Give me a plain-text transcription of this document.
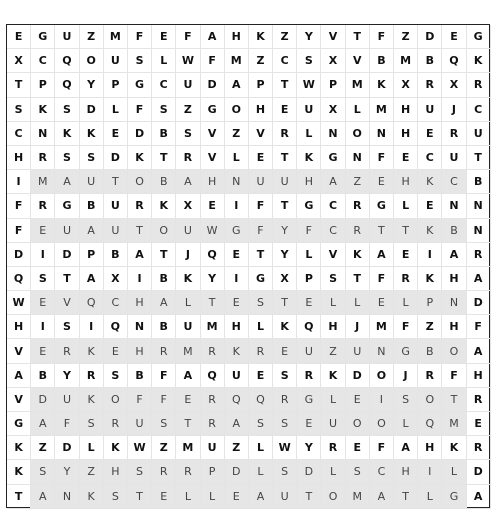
E	G	U	Z	M	F	E	F	A	H	K	Z	Y	V	T	F	Z	D	E	G
X	C	Q	O	U	S	L	W	F	M	Z	C	S	X	V	B	M	B	Q	K
T	P	Q	Y	P	G	C	U	D	A	P	T	W	P	M	K	X	R	X	R
S	K	S	D	L	F	S	Z	G	O	H	E	U	X	L	M	H	U	J	C
C	N	K	K	E	D	B	S	V	Z	V	R	L	N	O	N	H	E	R	U
H	R	S	S	D	K	T	R	V	L	E	T	K	G	N	F	E	C	U	T
I	M	A	U	T	O	B	A	H	N	U	U	H	A	Z	E	H	K	C	B
F	R	G	B	U	R	K	X	E	I	F	T	G	C	R	G	L	E	N	N
F	E	U	A	U	T	O	U	W	G	F	Y	F	C	R	T	T	K	B	N
D	I	D	P	B	A	T	J	Q	E	T	Y	L	V	K	A	E	I	A	R
Q	S	T	A	X	I	B	K	Y	I	G	X	P	S	T	F	R	K	H	A
W	E	V	Q	C	H	A	L	T	E	S	T	E	L	L	E	L	P	N	D
H	I	S	I	Q	N	B	U	M	H	L	K	Q	H	J	M	F	Z	H	F
V	E	R	K	E	H	R	M	R	K	R	E	U	Z	U	N	G	B	O	A
A	B	Y	R	S	B	F	A	Q	U	E	S	R	K	D	O	J	R	F	H
V	D	U	K	O	F	F	E	R	Q	Q	R	G	L	E	I	S	O	T	R
G	A	F	S	R	U	S	T	R	A	S	S	E	U	O	O	L	Q	M	E
K	Z	D	L	K	W	Z	M	U	Z	L	W	Y	R	E	F	A	H	K	R
K	S	Y	Z	H	S	R	R	P	D	L	S	D	L	S	C	H	I	L	D
T	A	N	K	S	T	E	L	L	E	A	U	T	O	M	A	T	L	G	A
